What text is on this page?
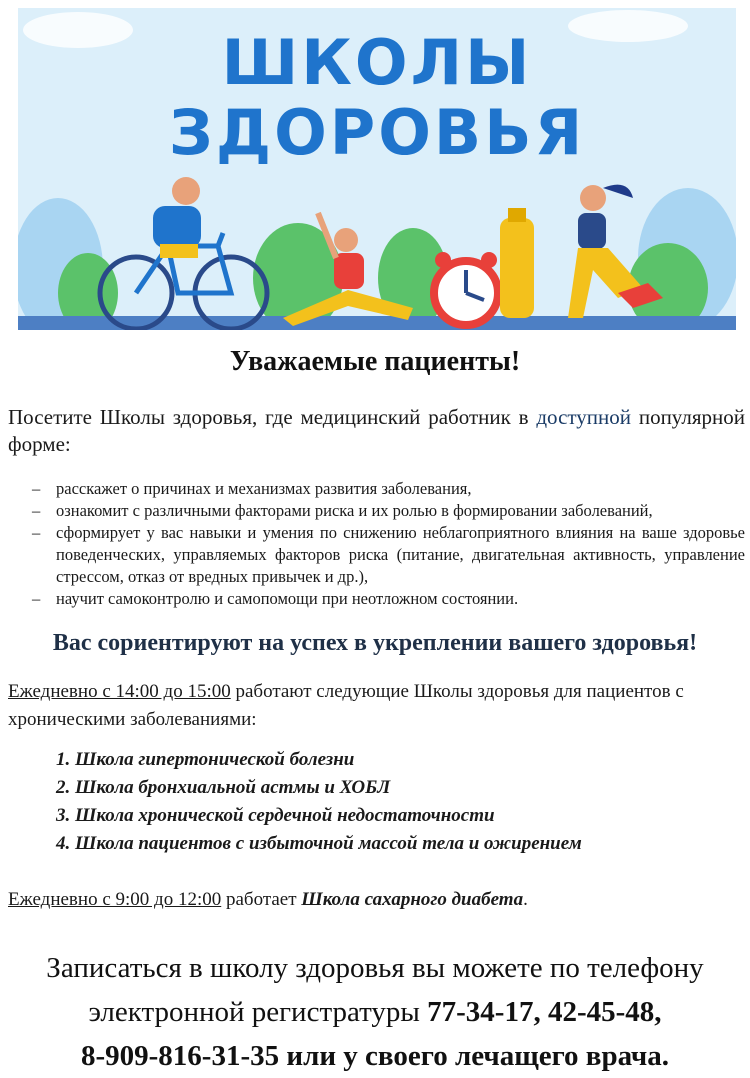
ШКОЛЫ
ЗДОРОВЬЯ
Уважаемые пациенты!

Посетите Школы здоровья, где медицинский работник в доступной популярной форме:

– расскажет о причинах и механизмах развития заболевания,
– ознакомит с различными факторами риска и их ролью в формировании заболеваний,
– сформирует у вас навыки и умения по снижению неблагоприятного влияния на ваше здоровье поведенческих, управляемых факторов риска (питание, двигательная активность, управление стрессом, отказ от вредных привычек и др.),
– научит самоконтролю и самопомощи при неотложном состоянии.
Вас сориентируют на успех в укреплении вашего здоровья!

Ежедневно с 14:00 до 15:00 работают следующие Школы здоровья для пациентов с хроническими заболеваниями:

1. Школа гипертонической болезни
2. Школа бронхиальной астмы и ХОБЛ
3. Школа хронической сердечной недостаточности
4. Школа пациентов с избыточной массой тела и ожирением

Ежедневно с 9:00 до 12:00 работает Школа сахарного диабета.

Записаться в школу здоровья вы можете по телефону
электронной регистратуры 77-34-17, 42-45-48,
8-909-816-31-35 или у своего лечащего врача.
